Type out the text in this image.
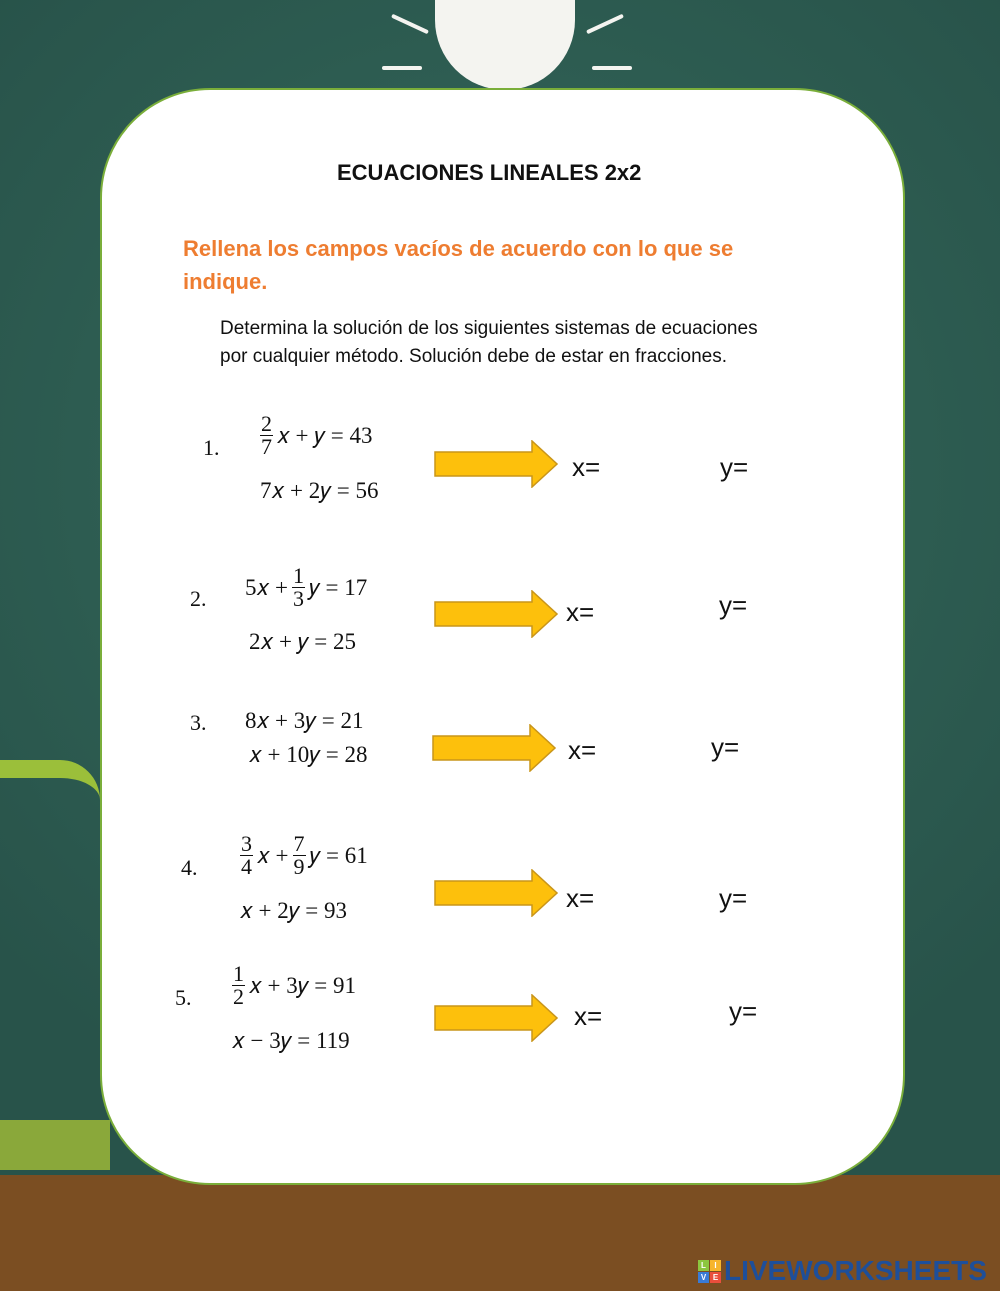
ECUACIONES LINEALES 2x2
Rellena los campos vacíos de acuerdo con lo que se indique.
Determina la solución de los siguientes sistemas de ecuaciones por cualquier método. Solución debe de estar en fracciones.
1. $\frac{2}{7}$ 𝑥 + 𝑦 = 43
7𝑥 + 2𝑦 = 56
x=	y=
2. 5𝑥 + $\frac{1}{3}$ 𝑦 = 17
2𝑥 + 𝑦 = 25
x=	y=
3. 8𝑥 + 3𝑦 = 21
𝑥 + 10𝑦 = 28	x=	y=
4. $\frac{3}{4}$ 𝑥 + $\frac{7}{9}$ 𝑦 = 61
𝑥 + 2𝑦 = 93	x=	y=
5. $\frac{1}{2}$ 𝑥 + 3𝑦 = 91
𝑥 − 3𝑦 = 119
x=	y=
L	I
V E LIVEWORKSHEETS
